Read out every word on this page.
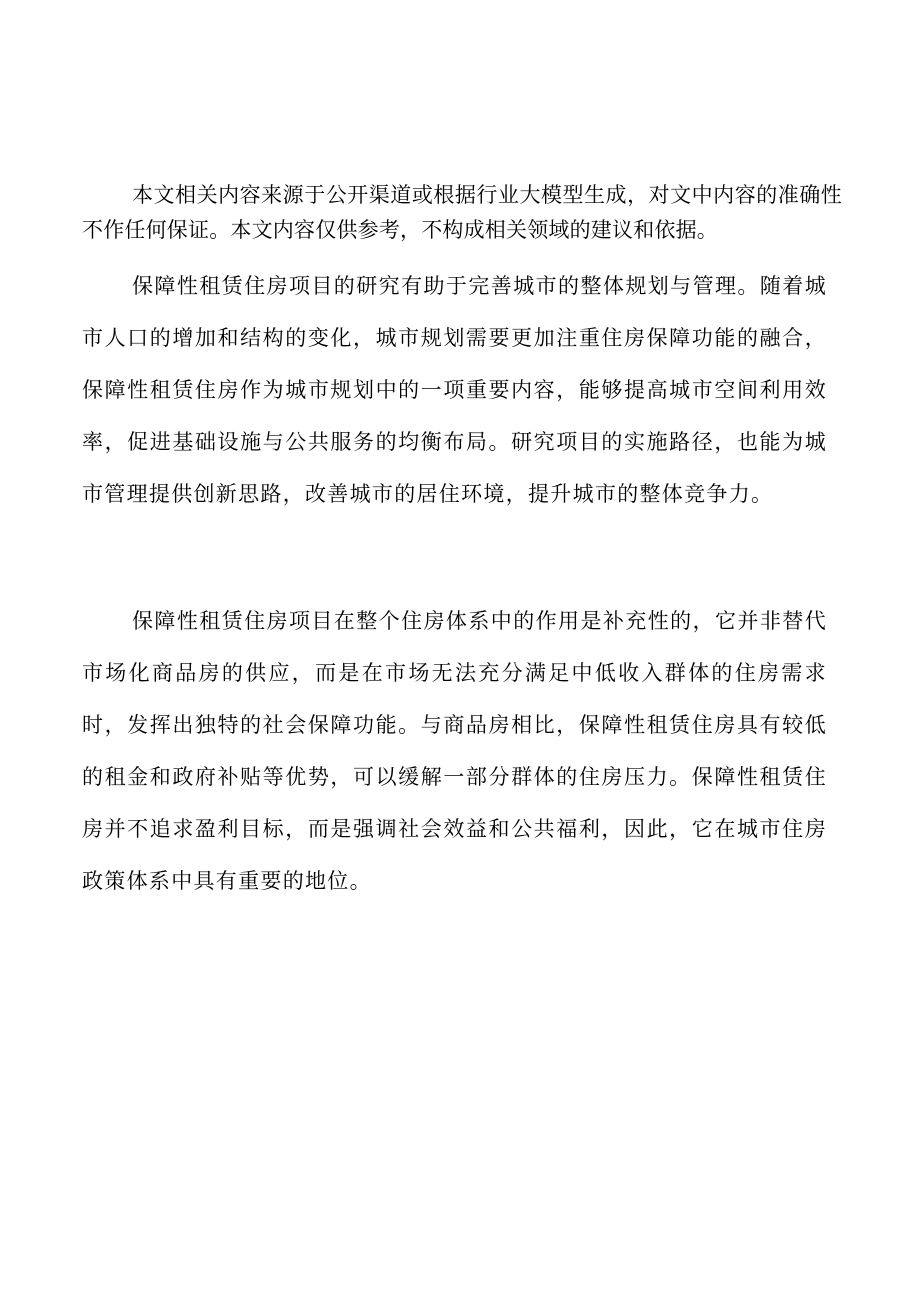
本文相关内容来源于公开渠道或根据行业大模型生成，对文中内容的准确性不作任何保证。本文内容仅供参考，不构成相关领域的建议和依据。

保障性租赁住房项目的研究有助于完善城市的整体规划与管理。随着城市人口的增加和结构的变化，城市规划需要更加注重住房保障功能的融合，保障性租赁住房作为城市规划中的一项重要内容，能够提高城市空间利用效率，促进基础设施与公共服务的均衡布局。研究项目的实施路径，也能为城市管理提供创新思路，改善城市的居住环境，提升城市的整体竞争力。

保障性租赁住房项目在整个住房体系中的作用是补充性的，它并非替代市场化商品房的供应，而是在市场无法充分满足中低收入群体的住房需求时，发挥出独特的社会保障功能。与商品房相比，保障性租赁住房具有较低的租金和政府补贴等优势，可以缓解一部分群体的住房压力。保障性租赁住房并不追求盈利目标，而是强调社会效益和公共福利，因此，它在城市住房政策体系中具有重要的地位。
